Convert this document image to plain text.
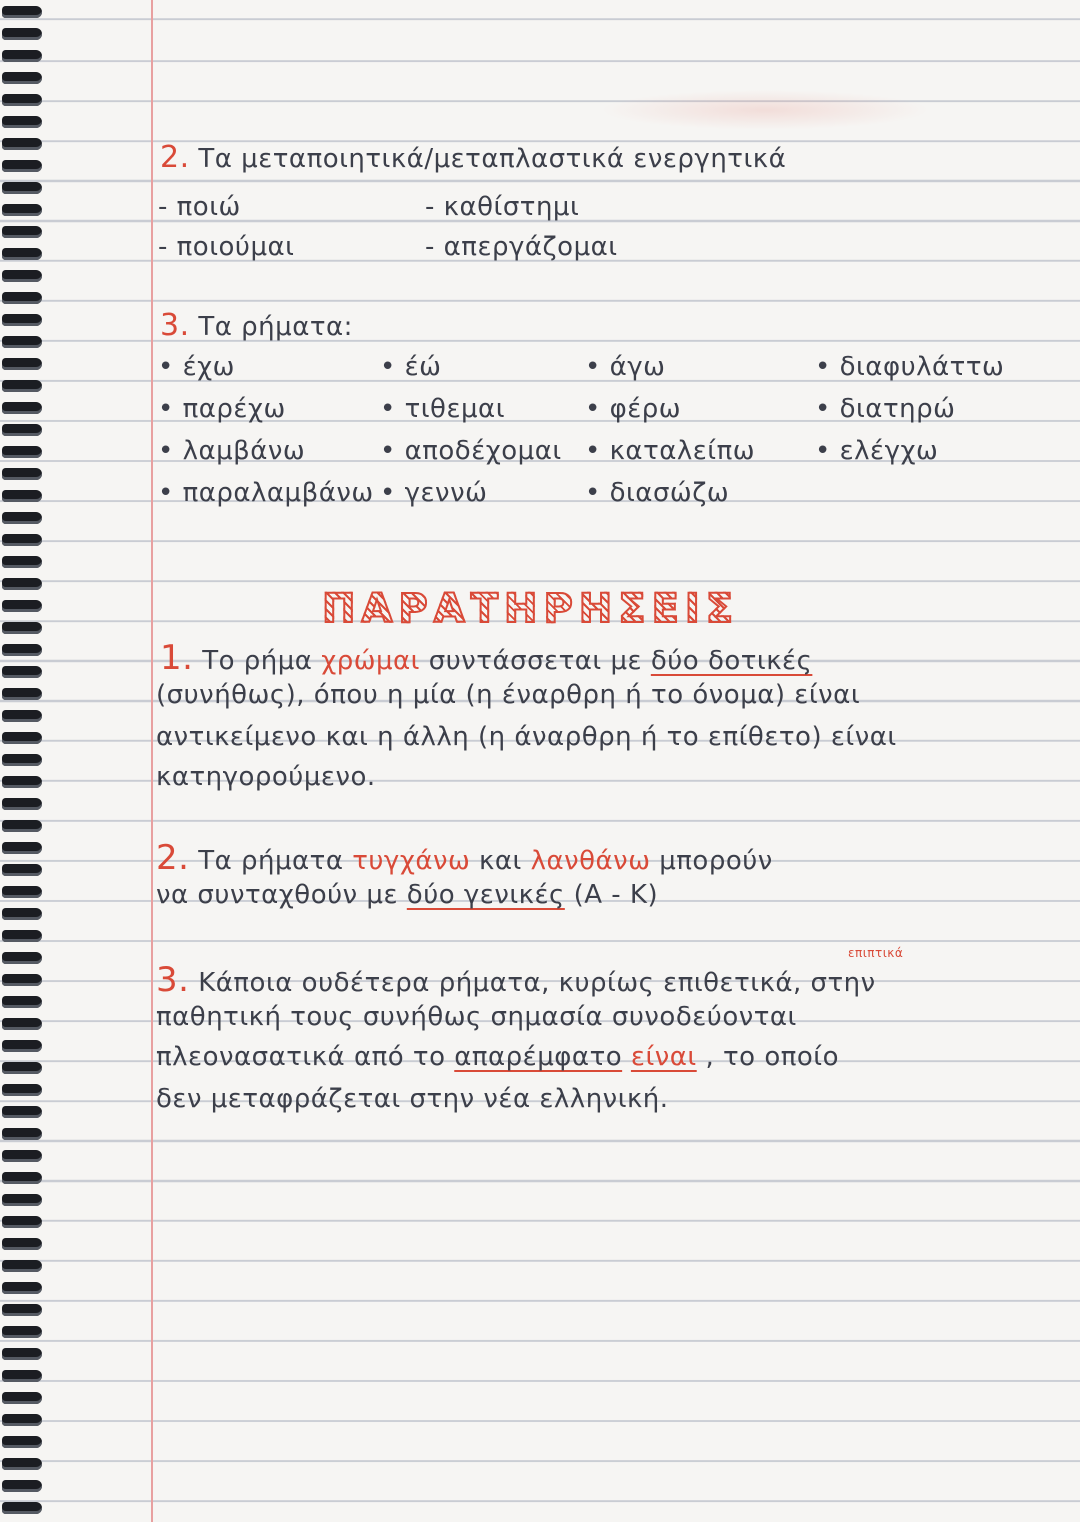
2. Τα μεταποιητικά/μεταπλαστικά ενεργητικά
- ποιώ
- ποιούμαι
- καθίστημι
- απεργάζομαι
3. Τα ρήματα:
• έχω
• παρέχω
• λαμβάνω
• παραλαμβάνω
• έώ
• τιθεμαι
• αποδέχομαι
• γεννώ
• άγω
• φέρω
• καταλείπω
• διασώζω
• διαφυλάττω
• διατηρώ
• ελέγχω
ΠΑΡΑΤΗΡΗΣΕΙΣ
1. Το ρήμα χρώμαι συντάσσεται με δύο δοτικές
(συνήθως), όπου η μία (η έναρθρη ή το όνομα) είναι
αντικείμενο και η άλλη (η άναρθρη ή το επίθετο) είναι
κατηγορούμενο.
2. Τα ρήματα τυγχάνω και λανθάνω μπορούν
να συνταχθούν με δύο γενικές (Α - Κ)
επιπτικά
3. Κάποια ουδέτερα ρήματα, κυρίως επιθετικά, στην
παθητική τους συνήθως σημασία συνοδεύονται
πλεονασατικά από το απαρέμφατο είναι , το οποίο
δεν μεταφράζεται στην νέα ελληνική.
